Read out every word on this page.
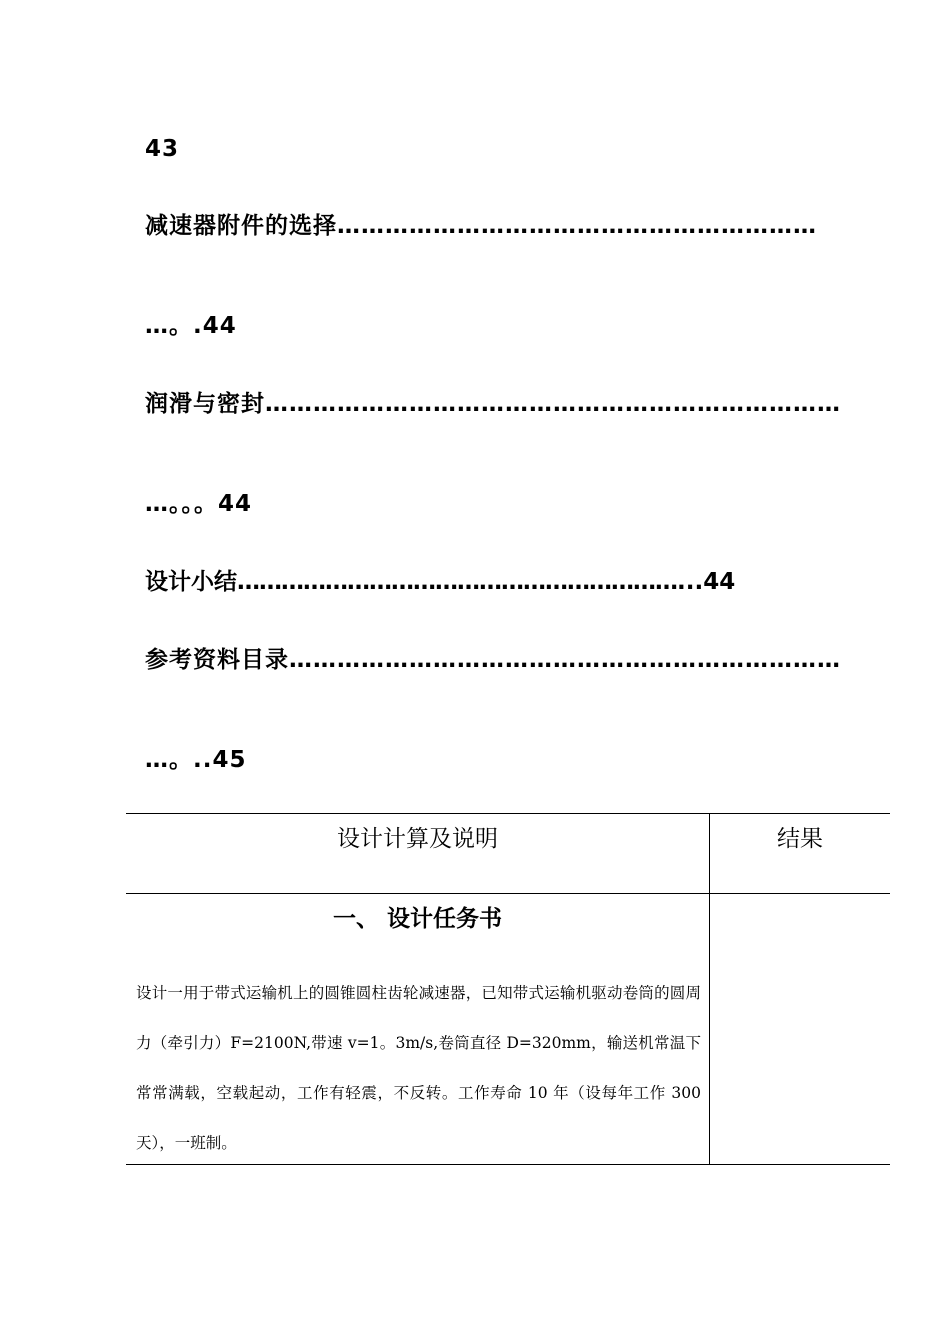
43
减速器附件的选择……………………………………………………
…。.44
润滑与密封………………………………………………………………
…。。。44
设计小结……………………………………………………...44
参考资料目录……………………………………………………………
…。..45
设计计算及说明	结果
一、 设计任务书

设计一用于带式运输机上的圆锥圆柱齿轮减速器，已知带式运输机驱动卷筒的圆周力（牵引力）F=2100N,带速 v=1。3m/s,卷筒直径 D=320mm，输送机常温下常常满载，空载起动，工作有轻震，不反转。工作寿命 10 年（设每年工作 300 天），一班制。
